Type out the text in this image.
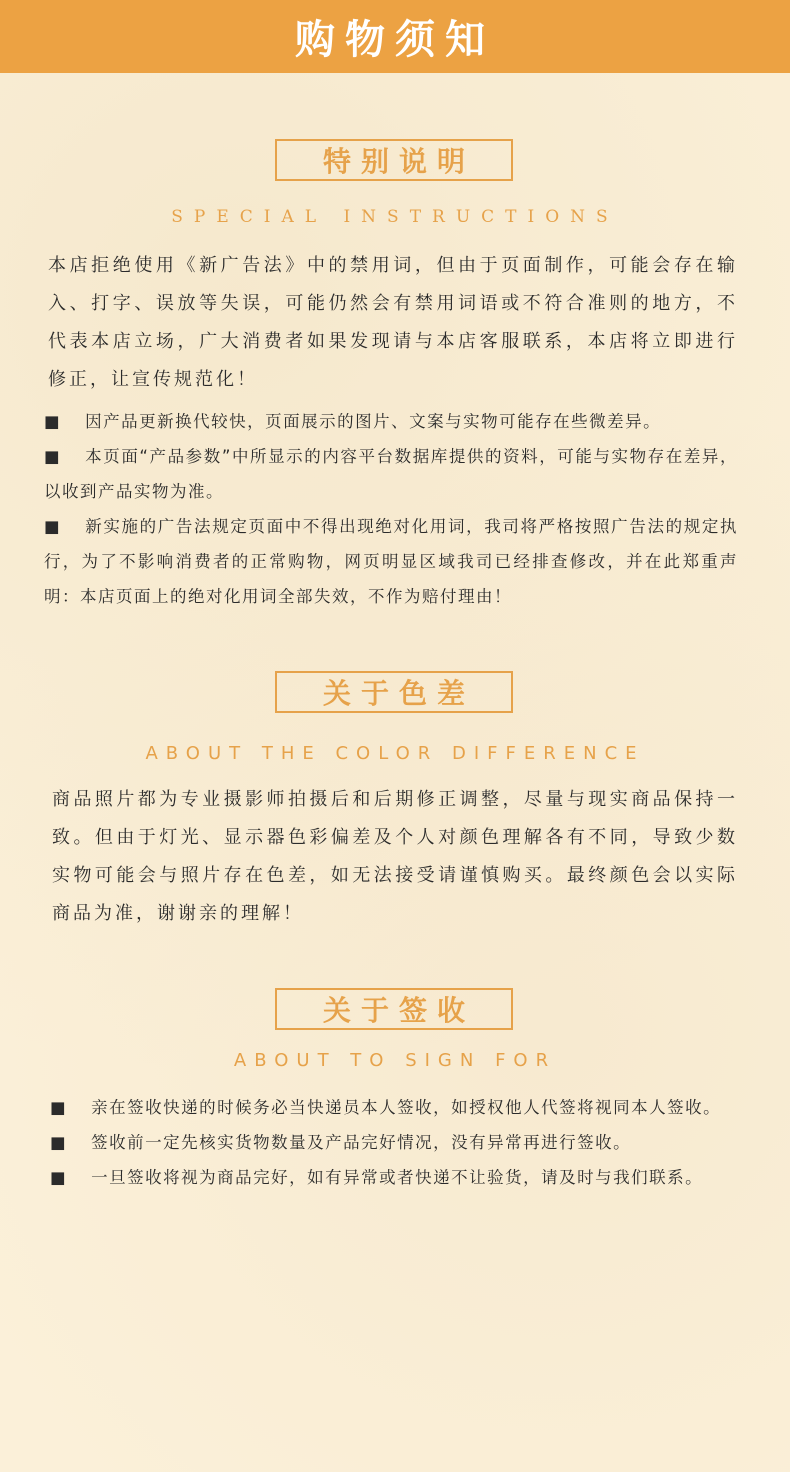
购物须知
特别说明
SPECIAL INSTRUCTIONS

本店拒绝使用《新广告法》中的禁用词，但由于页面制作，可能会存在输入、打字、误放等失误，可能仍然会有禁用词语或不符合准则的地方，不代表本店立场，广大消费者如果发现请与本店客服联系，本店将立即进行修正，让宣传规范化！

■ 因产品更新换代较快，页面展示的图片、文案与实物可能存在些微差异。
■ 本页面“产品参数”中所显示的内容平台数据库提供的资料，可能与实物存在差异，以收到产品实物为准。
■ 新实施的广告法规定页面中不得出现绝对化用词，我司将严格按照广告法的规定执行，为了不影响消费者的正常购物，网页明显区域我司已经排查修改，并在此郑重声明：本店页面上的绝对化用词全部失效，不作为赔付理由！
关于色差
ABOUT THE COLOR DIFFERENCE

商品照片都为专业摄影师拍摄后和后期修正调整，尽量与现实商品保持一致。但由于灯光、显示器色彩偏差及个人对颜色理解各有不同，导致少数实物可能会与照片存在色差，如无法接受请谨慎购买。最终颜色会以实际商品为准，谢谢亲的理解！

关于签收
ABOUT TO SIGN FOR
■ 亲在签收快递的时候务必当快递员本人签收，如授权他人代签将视同本人签收。
■ 签收前一定先核实货物数量及产品完好情况，没有异常再进行签收。
■ 一旦签收将视为商品完好，如有异常或者快递不让验货，请及时与我们联系。
